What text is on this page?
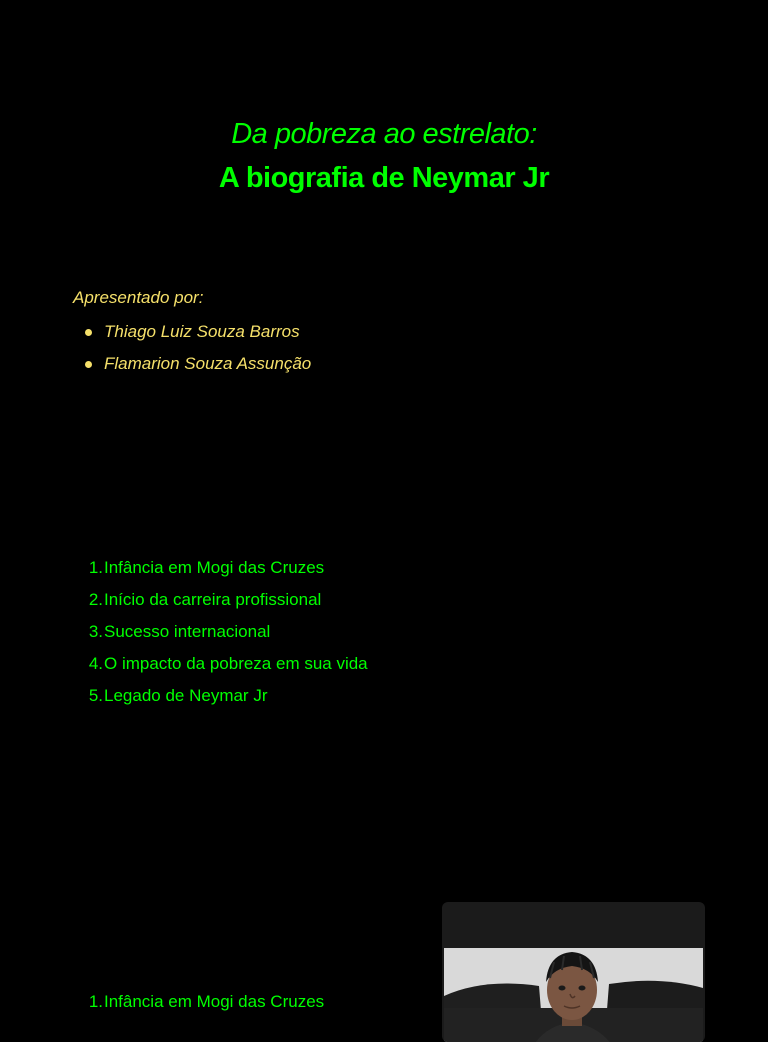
Da pobreza ao estrelato:
A biografia de Neymar Jr
Apresentado por:
Thiago Luiz Souza Barros
Flamarion Souza Assunção
1.Infância em Mogi das Cruzes
2.Início da carreira profissional
3.Sucesso internacional
4.O impacto da pobreza em sua vida
5.Legado de Neymar Jr
1.Infância em Mogi das Cruzes
